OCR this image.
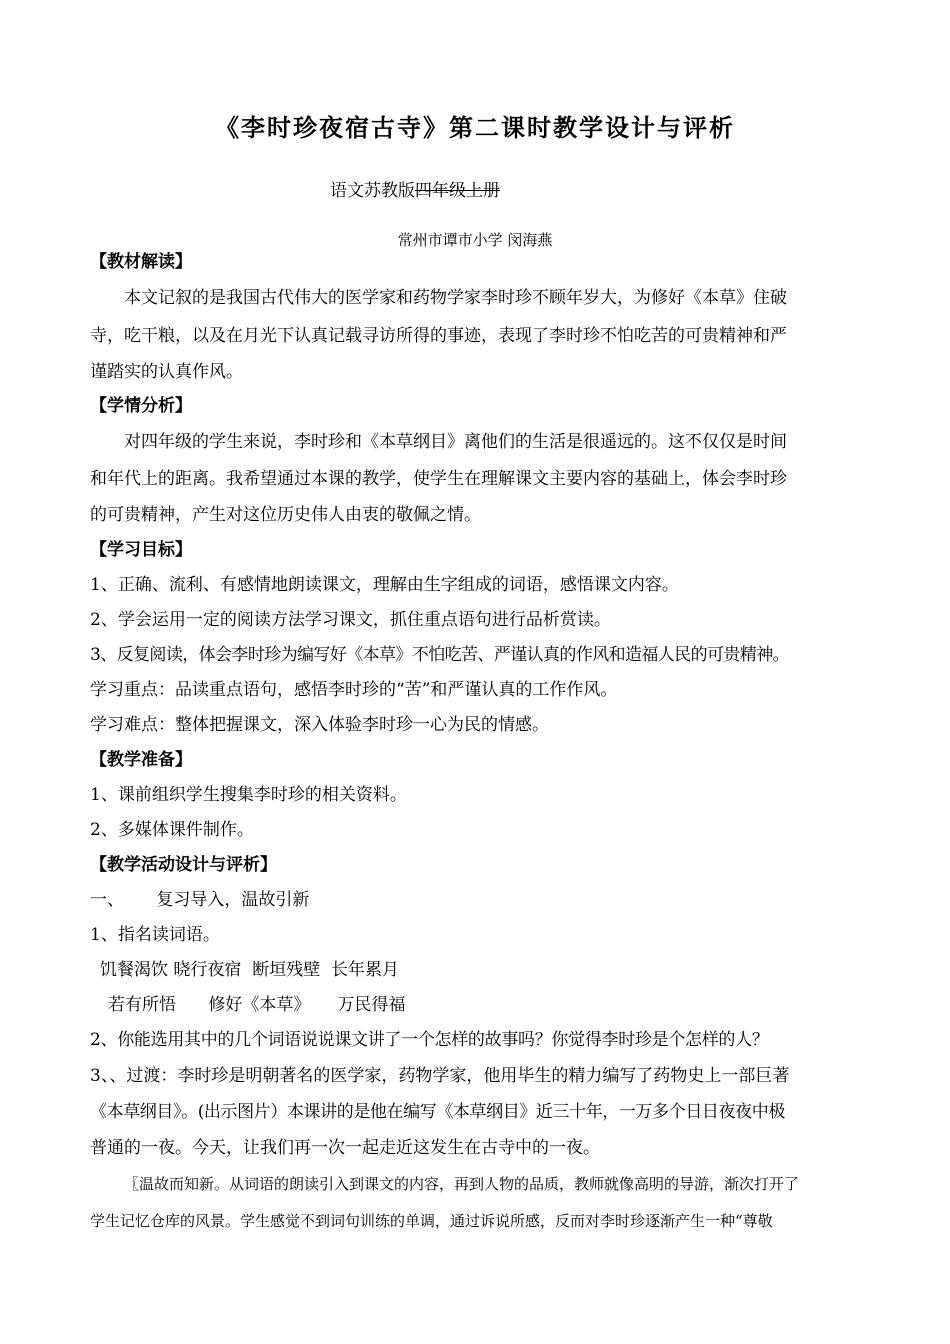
《李时珍夜宿古寺》第二课时教学设计与评析
语文苏教版四年级上册
常州市谭市小学 闵海燕
【教材解读】
本文记叙的是我国古代伟大的医学家和药物学家李时珍不顾年岁大，为修好《本草》住破
寺，吃干粮，以及在月光下认真记载寻访所得的事迹，表现了李时珍不怕吃苦的可贵精神和严
谨踏实的认真作风。
【学情分析】
对四年级的学生来说，李时珍和《本草纲目》离他们的生活是很遥远的。这不仅仅是时间
和年代上的距离。我希望通过本课的教学，使学生在理解课文主要内容的基础上，体会李时珍
的可贵精神，产生对这位历史伟人由衷的敬佩之情。
【学习目标】
1、正确、流利、有感情地朗读课文，理解由生字组成的词语，感悟课文内容。
2、学会运用一定的阅读方法学习课文，抓住重点语句进行品析赏读。
3、反复阅读，体会李时珍为编写好《本草》不怕吃苦、严谨认真的作风和造福人民的可贵精神。
学习重点：品读重点语句，感悟李时珍的“苦”和严谨认真的工作作风。
学习难点：整体把握课文，深入体验李时珍一心为民的情感。
【教学准备】
1、课前组织学生搜集李时珍的相关资料。
2、多媒体课件制作。
【教学活动设计与评析】
一、      复习导入，温故引新
1、指名读词语。
饥餐渴饮 晓行夜宿  断垣残壁  长年累月
若有所悟      修好《本草》     万民得福
2、你能选用其中的几个词语说说课文讲了一个怎样的故事吗？你觉得李时珍是个怎样的人？
3、、过渡：李时珍是明朝著名的医学家，药物学家，他用毕生的精力编写了药物史上一部巨著
《本草纲目》。(出示图片）本课讲的是他在编写《本草纲目》近三十年，一万多个日日夜夜中极
普通的一夜。今天，让我们再一次一起走近这发生在古寺中的一夜。
〖温故而知新。从词语的朗读引入到课文的内容，再到人物的品质，教师就像高明的导游，渐次打开了
学生记忆仓库的风景。学生感觉不到词句训练的单调，通过诉说所感，反而对李时珍逐渐产生一种“尊敬
